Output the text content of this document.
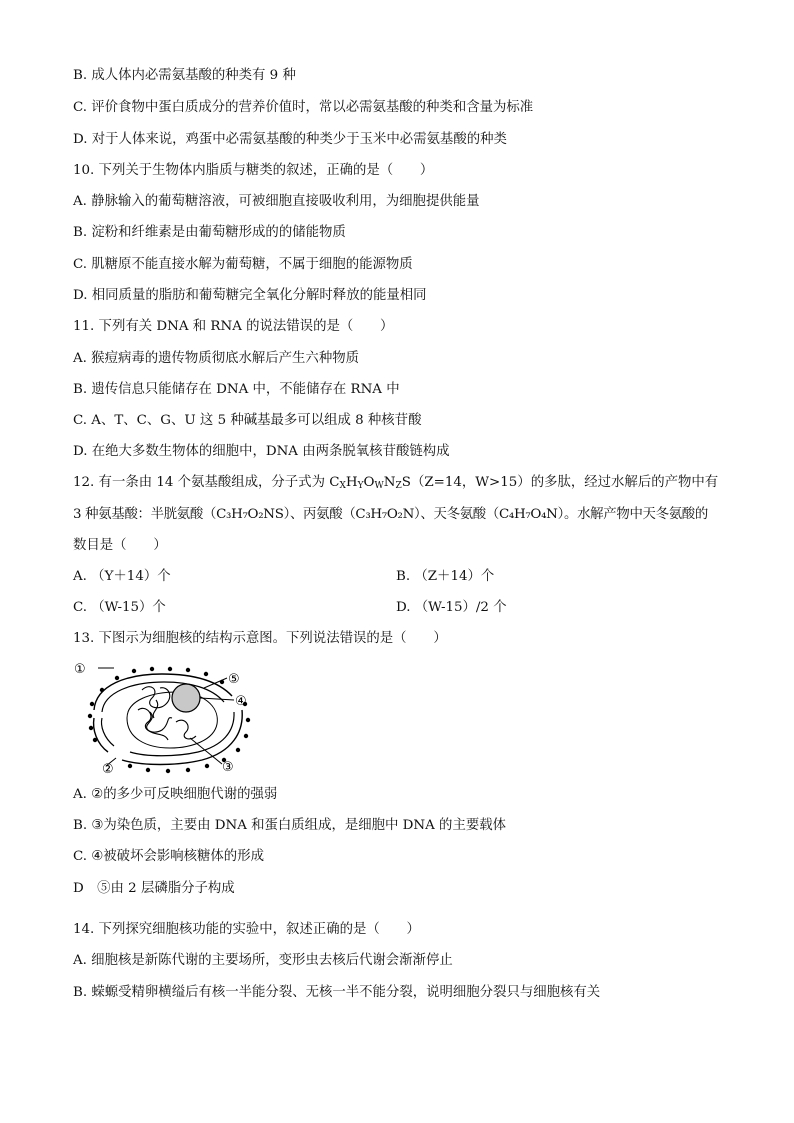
B. 成人体内必需氨基酸的种类有 9 种
C. 评价食物中蛋白质成分的营养价值时，常以必需氨基酸的种类和含量为标准
D. 对于人体来说，鸡蛋中必需氨基酸的种类少于玉米中必需氨基酸的种类
10. 下列关于生物体内脂质与糖类的叙述，正确的是（　　）
A. 静脉输入的葡萄糖溶液，可被细胞直接吸收利用，为细胞提供能量
B. 淀粉和纤维素是由葡萄糖形成的的储能物质
C. 肌糖原不能直接水解为葡萄糖，不属于细胞的能源物质
D. 相同质量的脂肪和葡萄糖完全氧化分解时释放的能量相同
11. 下列有关 DNA 和 RNA 的说法错误的是（　　）
A. 猴痘病毒的遗传物质彻底水解后产生六种物质
B. 遗传信息只能储存在 DNA 中，不能储存在 RNA 中
C. A、T、C、G、U 这 5 种碱基最多可以组成 8 种核苷酸
D. 在绝大多数生物体的细胞中，DNA 由两条脱氧核苷酸链构成
12. 有一条由 14 个氨基酸组成，分子式为 $C_XH_YO_WN_ZS(Z=14$，W>15）的多肽，经过水解后的产物中有
3 种氨基酸：半胱氨酸（C₃H₇O₂NS）、丙氨酸（C₃H₇O₂N）、天冬氨酸（C₄H₇O₄N）。水解产物中天冬氨酸的
数目是（　　）
A. （Y＋14）个	B. （Z＋14）个
C. （W-15）个	D. （W-15）/2 个
13. 下图示为细胞核的结构示意图。下列说法错误的是（　　）
①
②	③
④
⑤
A. ②的多少可反映细胞代谢的强弱
B. ③为染色质，主要由 DNA 和蛋白质组成，是细胞中 DNA 的主要载体
C. ④被破坏会影响核糖体的形成
D　⑤由 2 层磷脂分子构成
14. 下列探究细胞核功能的实验中，叙述正确的是（　　）
A. 细胞核是新陈代谢的主要场所，变形虫去核后代谢会渐渐停止
B. 蝾螈受精卵横缢后有核一半能分裂、无核一半不能分裂，说明细胞分裂只与细胞核有关
